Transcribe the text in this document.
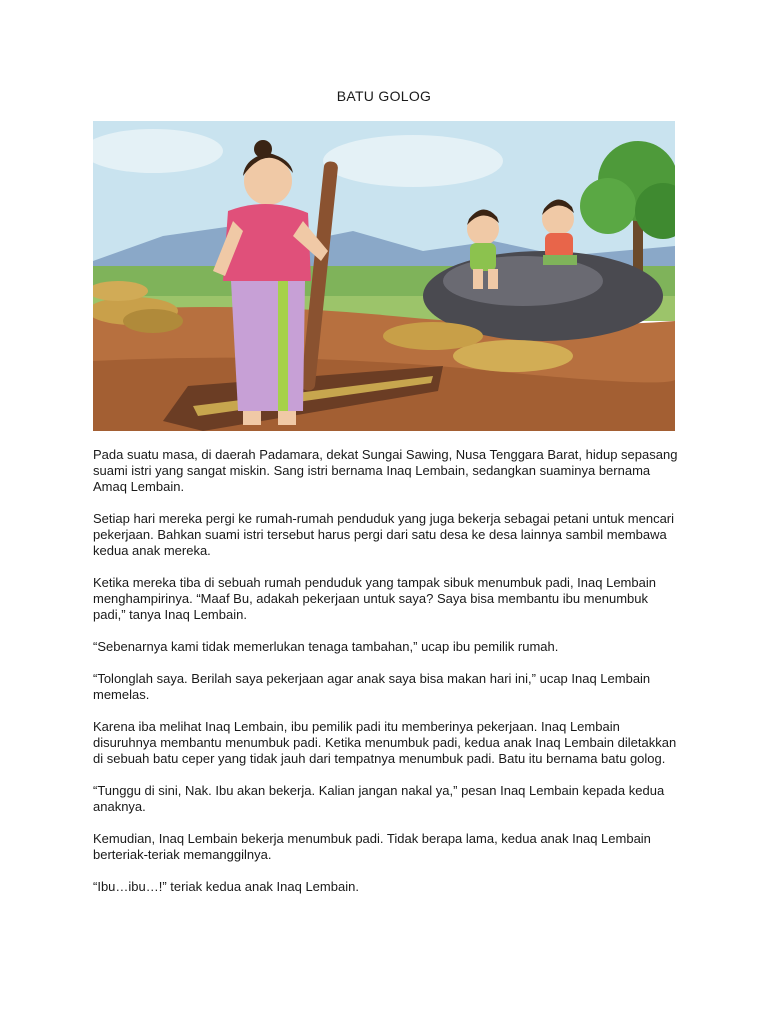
BATU GOLOG

Pada suatu masa, di daerah Padamara, dekat Sungai Sawing, Nusa Tenggara Barat, hidup sepasang suami istri yang sangat miskin. Sang istri bernama Inaq Lembain, sedangkan suaminya bernama Amaq Lembain.

Setiap hari mereka pergi ke rumah-rumah penduduk yang juga bekerja sebagai petani untuk mencari pekerjaan. Bahkan suami istri tersebut harus pergi dari satu desa ke desa lainnya sambil membawa kedua anak mereka.

Ketika mereka tiba di sebuah rumah penduduk yang tampak sibuk menumbuk padi, Inaq Lembain menghampirinya. “Maaf Bu, adakah pekerjaan untuk saya? Saya bisa membantu ibu menumbuk padi,” tanya Inaq Lembain.

“Sebenarnya kami tidak memerlukan tenaga tambahan,” ucap ibu pemilik rumah.

“Tolonglah saya. Berilah saya pekerjaan agar anak saya bisa makan hari ini,” ucap Inaq Lembain memelas.

Karena iba melihat Inaq Lembain, ibu pemilik padi itu memberinya pekerjaan. Inaq Lembain disuruhnya membantu menumbuk padi. Ketika menumbuk padi, kedua anak Inaq Lembain diletakkan di sebuah batu ceper yang tidak jauh dari tempatnya menumbuk padi. Batu itu bernama batu golog.

“Tunggu di sini, Nak. Ibu akan bekerja. Kalian jangan nakal ya,” pesan Inaq Lembain kepada kedua anaknya.

Kemudian, Inaq Lembain bekerja menumbuk padi. Tidak berapa lama, kedua anak Inaq Lembain berteriak-teriak memanggilnya.

“Ibu…ibu…!” teriak kedua anak Inaq Lembain.
